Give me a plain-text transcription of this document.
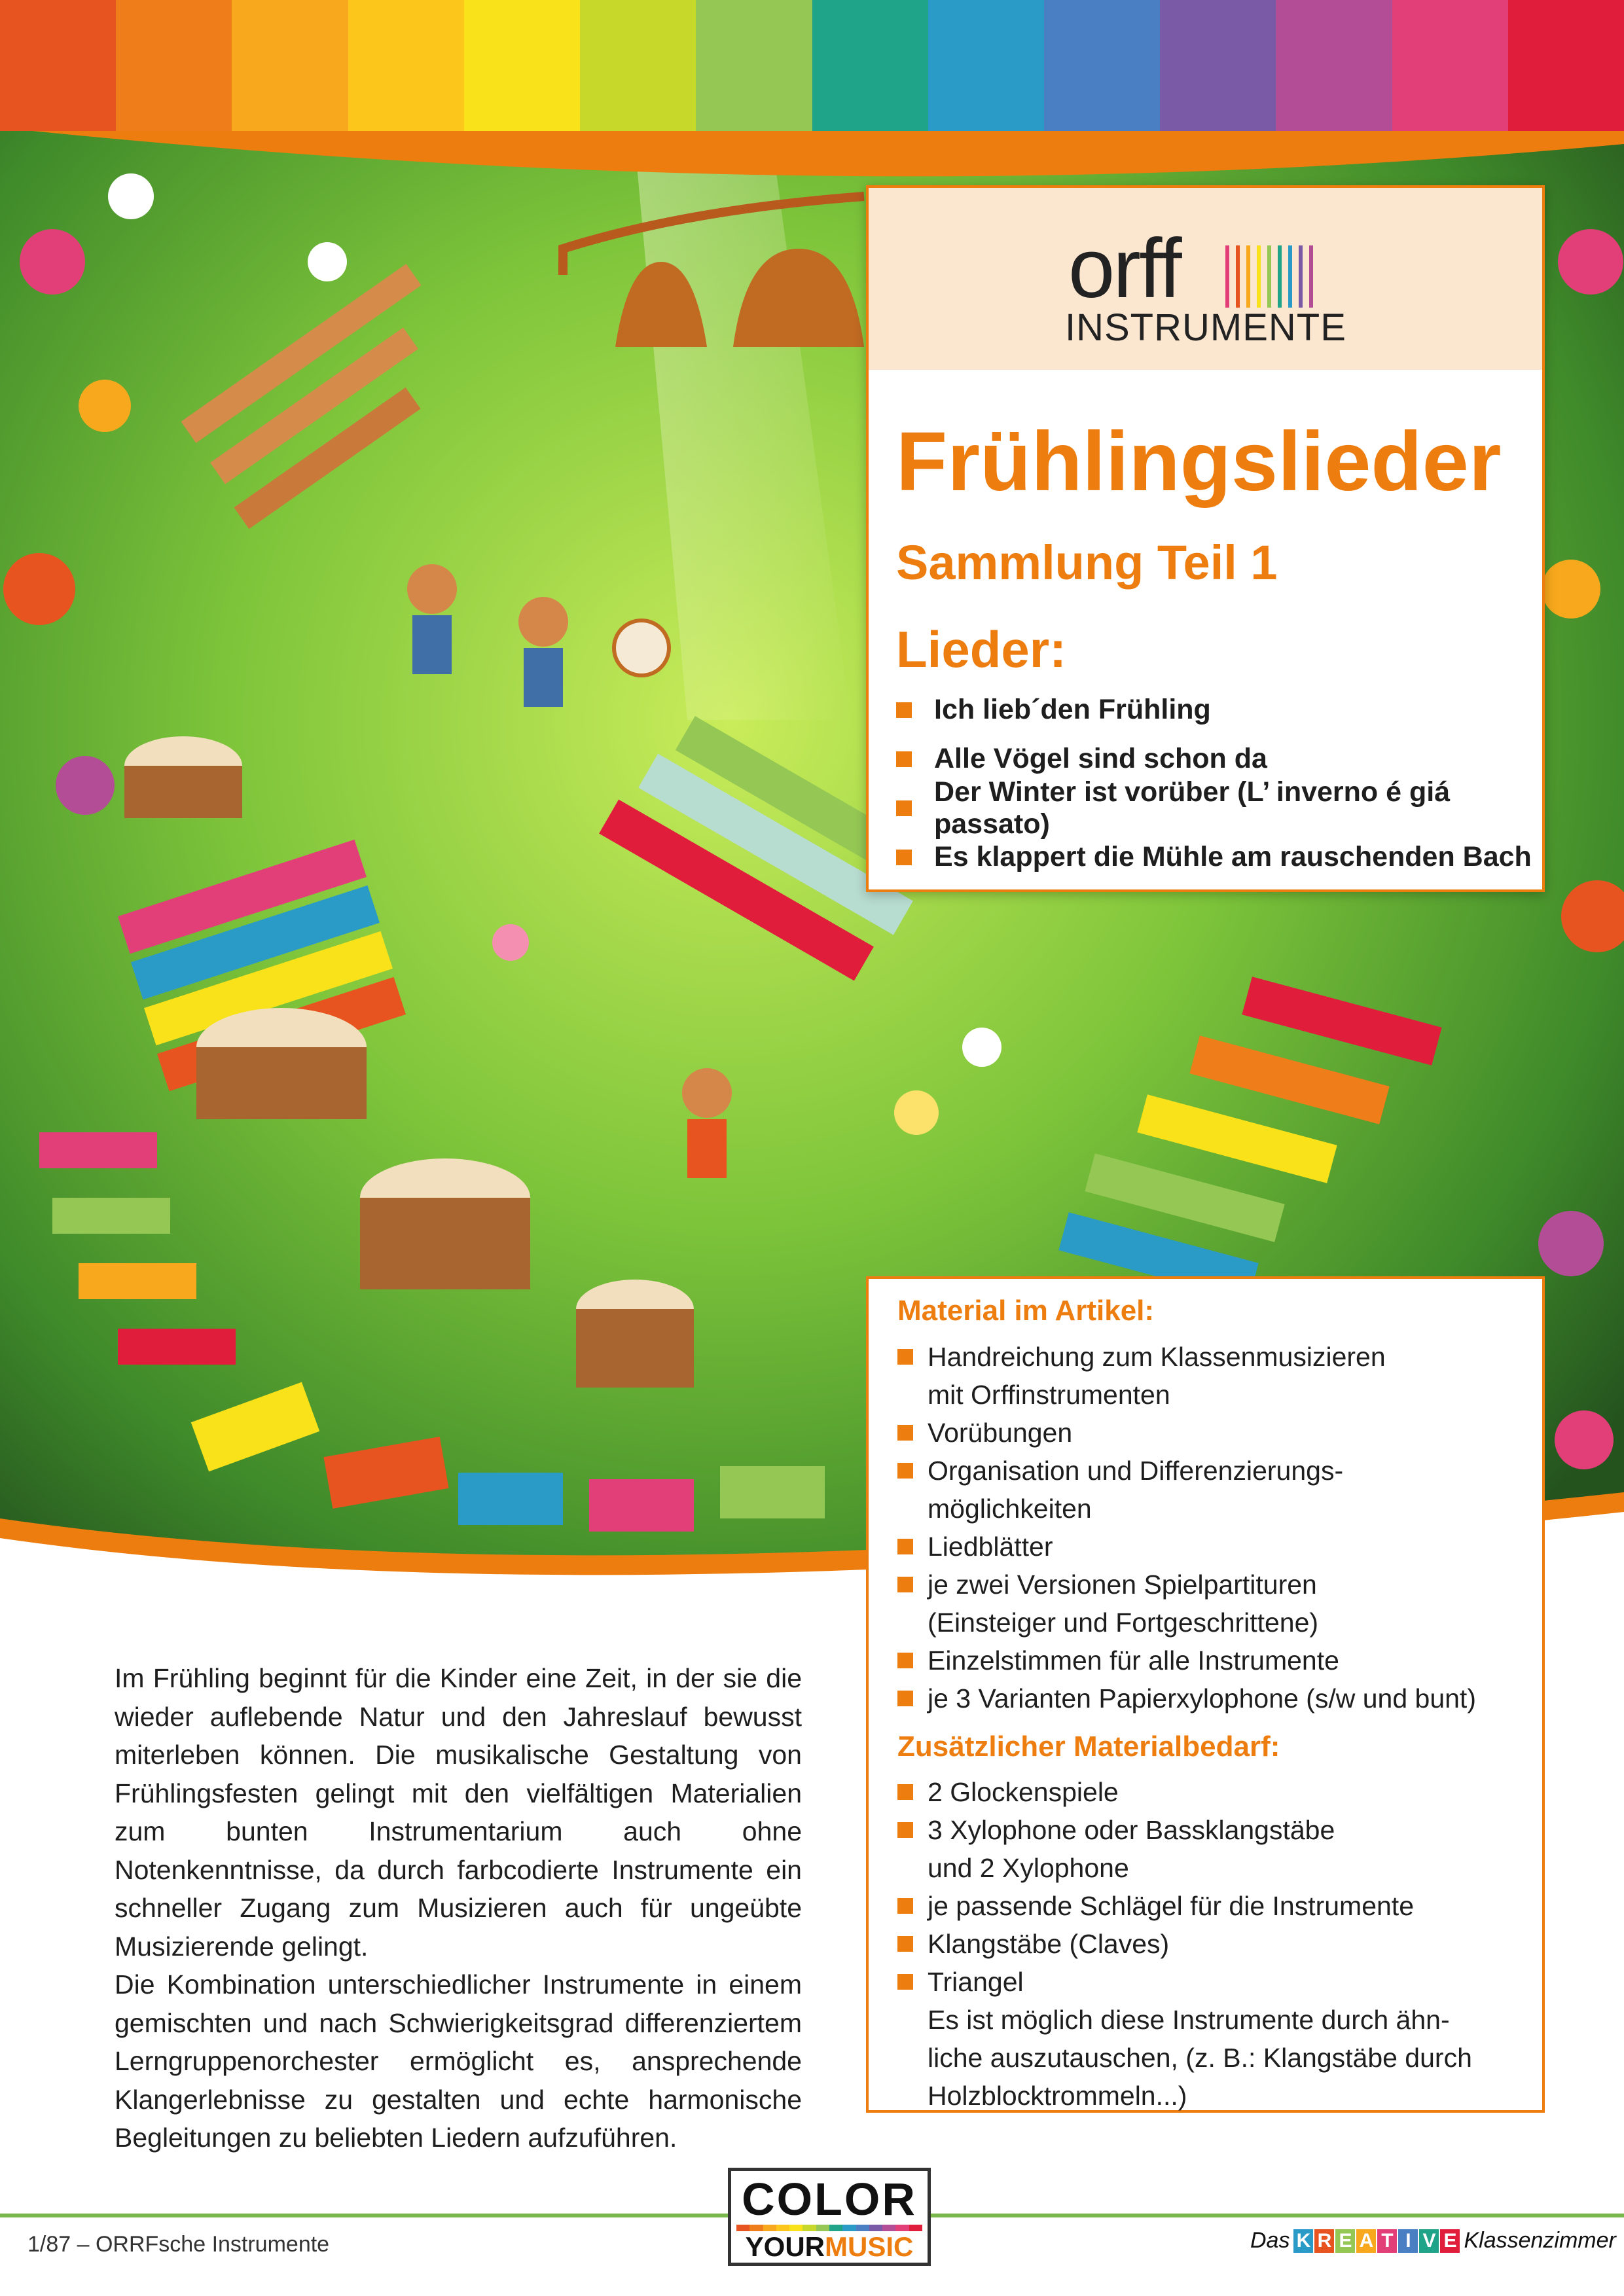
orff
INSTRUMENTE
Frühlingslieder
Sammlung Teil 1
Lieder:
Ich lieb´den Frühling
Alle Vögel sind schon da
Der Winter ist vorüber (L’ inverno é giá passato)
Es klappert die Mühle am rauschenden Bach
Material im Artikel:
Handreichung zum Klassenmusizieren
mit Orffinstrumenten
Vorübungen
Organisation und Differenzierungs-
möglichkeiten
Liedblätter
je zwei Versionen Spielpartituren
(Einsteiger und Fortgeschrittene)
Einzelstimmen für alle Instrumente
je 3 Varianten Papierxylophone (s/w und bunt)
Zusätzlicher Materialbedarf:
2 Glockenspiele
3 Xylophone oder Bassklangstäbe
und 2 Xylophone
je passende Schlägel für die Instrumente
Klangstäbe (Claves)
Triangel
Es ist möglich diese Instrumente durch ähn-
liche auszutauschen, (z. B.: Klangstäbe durch
Holzblocktrommeln...)

Im Frühling beginnt für die Kinder eine Zeit, in der sie die wieder auflebende Natur und den Jahreslauf bewusst miterleben können. Die musikalische Gestaltung von Frühlingsfesten gelingt mit den vielfältigen Materialien zum bunten Instrumentarium auch ohne Notenkenntnisse, da durch farbcodierte Instrumente ein schneller Zugang zum Musizieren auch für ungeübte Musizierende gelingt.

Die Kombination unterschiedlicher Instrumente in einem gemischten und nach Schwierigkeitsgrad differenziertem Lerngruppenorchester ermöglicht es, ansprechende Klangerlebnisse zu gestalten und echte harmonische Begleitungen zu beliebten Liedern aufzuführen.

1/87 – ORRFsche Instrumente
COLOR
YOURMUSIC	Das K R E A T I V E Klassenzimmer
